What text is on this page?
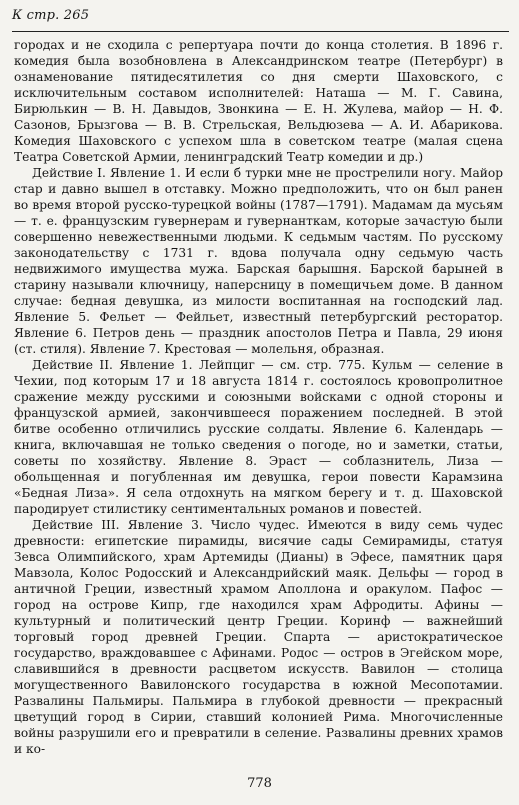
К стр. 265

городах и не сходила с репертуара почти до конца столетия. В 1896 г. комедия была возобновлена в Александринском театре (Петербург) в ознаменование пятидесятилетия со дня смерти Шаховского, с исключительным составом исполнителей: Наташа — М. Г. Савина, Бирюлькин — В. Н. Давыдов, Звонкина — Е. Н. Жулева, майор — Н. Ф. Сазонов, Брызгова — В. В. Стрельская, Вельдюзева — А. И. Абарикова. Комедия Шаховского с успехом шла в советском театре (малая сцена Театра Советской Армии, ленинградский Театр комедии и др.)

Действие I. Явление 1. И если б турки мне не прострелили ногу. Майор стар и давно вышел в отставку. Можно предположить, что он был ранен во время второй русско-турецкой войны (1787—1791). Мадамам да мусьям — т. е. французским гувернерам и гувернанткам, которые зачастую были совершенно невежественными людьми. К седьмым частям. По русскому законодательству с 1731 г. вдова получала одну седьмую часть недвижимого имущества мужа. Барская барышня. Барской барыней в старину называли ключницу, наперсницу в помещичьем доме. В данном случае: бедная девушка, из милости воспитанная на господский лад. Явление 5. Фельет — Фейльет, известный петербургский ресторатор. Явление 6. Петров день — праздник апостолов Петра и Павла, 29 июня (ст. стиля). Явление 7. Крестовая — молельня, образная.

Действие II. Явление 1. Лейпциг — см. стр. 775. Кульм — селение в Чехии, под которым 17 и 18 августа 1814 г. состоялось кровопролитное сражение между русскими и союзными войсками с одной стороны и французской армией, закончившееся поражением последней. В этой битве особенно отличились русские солдаты. Явление 6. Календарь — книга, включавшая не только сведения о погоде, но и заметки, статьи, советы по хозяйству. Явление 8. Эраст — соблазнитель, Лиза — обольщенная и погубленная им девушка, герои повести Карамзина «Бедная Лиза». Я села отдохнуть на мягком берегу и т. д. Шаховской пародирует стилистику сентиментальных романов и повестей.

Действие III. Явление 3. Число чудес. Имеются в виду семь чудес древности: египетские пирамиды, висячие сады Семирамиды, статуя Зевса Олимпийского, храм Артемиды (Дианы) в Эфесе, памятник царя Мавзола, Колос Родосский и Александрийский маяк. Дельфы — город в античной Греции, известный храмом Аполлона и оракулом. Пафос — город на острове Кипр, где находился храм Афродиты. Афины — культурный и политический центр Греции. Коринф — важнейший торговый город древней Греции. Спарта — аристократическое государство, враждовавшее с Афинами. Родос — остров в Эгейском море, славившийся в древности расцветом искусств. Вавилон — столица могущественного Вавилонского государства в южной Месопотамии. Развалины Пальмиры. Пальмира в глубокой древности — прекрасный цветущий город в Сирии, ставший колонией Рима. Многочисленные войны разрушили его и превратили в селение. Развалины древних храмов и ко-

778
